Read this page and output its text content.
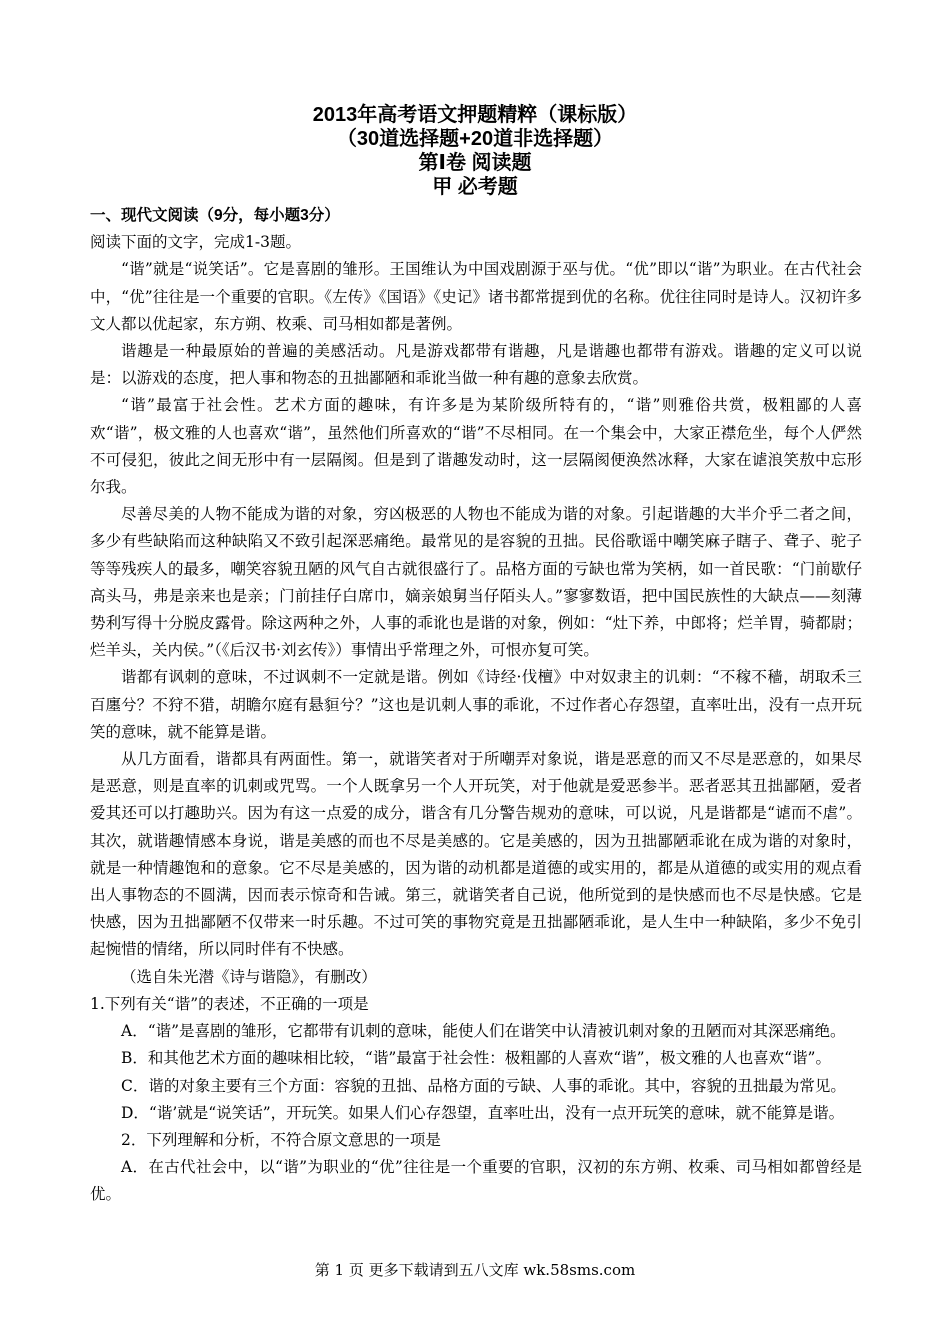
2013年高考语文押题精粹（课标版）
（30道选择题+20道非选择题）
第Ⅰ卷 阅读题
甲 必考题

一、现代文阅读（9分，每小题3分）

阅读下面的文字，完成1-3题。

“谐”就是“说笑话”。它是喜剧的雏形。王国维认为中国戏剧源于巫与优。“优”即以“谐”为职业。在古代社会中，“优”往往是一个重要的官职。《左传》《国语》《史记》诸书都常提到优的名称。优往往同时是诗人。汉初许多文人都以优起家，东方朔、枚乘、司马相如都是著例。

谐趣是一种最原始的普遍的美感活动。凡是游戏都带有谐趣，凡是谐趣也都带有游戏。谐趣的定义可以说是：以游戏的态度，把人事和物态的丑拙鄙陋和乖讹当做一种有趣的意象去欣赏。

“谐”最富于社会性。艺术方面的趣味，有许多是为某阶级所特有的，“谐”则雅俗共赏，极粗鄙的人喜欢“谐”，极文雅的人也喜欢“谐”，虽然他们所喜欢的“谐”不尽相同。在一个集会中，大家正襟危坐，每个人俨然不可侵犯，彼此之间无形中有一层隔阂。但是到了谐趣发动时，这一层隔阂便涣然冰释，大家在谑浪笑敖中忘形尔我。

尽善尽美的人物不能成为谐的对象，穷凶极恶的人物也不能成为谐的对象。引起谐趣的大半介乎二者之间，多少有些缺陷而这种缺陷又不致引起深恶痛绝。最常见的是容貌的丑拙。民俗歌谣中嘲笑麻子瞎子、聋子、驼子等等残疾人的最多，嘲笑容貌丑陋的风气自古就很盛行了。品格方面的亏缺也常为笑柄，如一首民歌：“门前歇仔高头马，弗是亲来也是亲；门前挂仔白席巾，嫡亲娘舅当仔陌头人。”寥寥数语，把中国民族性的大缺点——刻薄势利写得十分脱皮露骨。除这两种之外，人事的乖讹也是谐的对象，例如：“灶下养，中郎将；烂羊胃，骑都尉；烂羊头，关内侯。”（《后汉书·刘玄传》）事情出乎常理之外，可恨亦复可笑。

谐都有讽刺的意味，不过讽刺不一定就是谐。例如《诗经·伐檀》中对奴隶主的讥刺：“不稼不穑，胡取禾三百廛兮？不狩不猎，胡瞻尔庭有悬貆兮？”这也是讥刺人事的乖讹，不过作者心存怨望，直率吐出，没有一点开玩笑的意味，就不能算是谐。

从几方面看，谐都具有两面性。第一，就谐笑者对于所嘲弄对象说，谐是恶意的而又不尽是恶意的，如果尽是恶意，则是直率的讥刺或咒骂。一个人既拿另一个人开玩笑，对于他就是爱恶参半。恶者恶其丑拙鄙陋，爱者爱其还可以打趣助兴。因为有这一点爱的成分，谐含有几分警告规劝的意味，可以说，凡是谐都是“谑而不虐”。其次，就谐趣情感本身说，谐是美感的而也不尽是美感的。它是美感的，因为丑拙鄙陋乖讹在成为谐的对象时，就是一种情趣饱和的意象。它不尽是美感的，因为谐的动机都是道德的或实用的，都是从道德的或实用的观点看出人事物态的不圆满，因而表示惊奇和告诫。第三，就谐笑者自己说，他所觉到的是快感而也不尽是快感。它是快感，因为丑拙鄙陋不仅带来一时乐趣。不过可笑的事物究竟是丑拙鄙陋乖讹，是人生中一种缺陷，多少不免引起惋惜的情绪，所以同时伴有不快感。

（选自朱光潜《诗与谐隐》，有删改）

1.下列有关“谐”的表述，不正确的一项是

A．“谐”是喜剧的雏形，它都带有讥刺的意味，能使人们在谐笑中认清被讥刺对象的丑陋而对其深恶痛绝。

B．和其他艺术方面的趣味相比较，“谐”最富于社会性：极粗鄙的人喜欢“谐”，极文雅的人也喜欢“谐”。

C．谐的对象主要有三个方面：容貌的丑拙、品格方面的亏缺、人事的乖讹。其中，容貌的丑拙最为常见。

D．“谐’就是“说笑话”，开玩笑。如果人们心存怨望，直率吐出，没有一点开玩笑的意味，就不能算是谐。

2．下列理解和分析，不符合原文意思的一项是

A．在古代社会中，以“谐”为职业的“优”往往是一个重要的官职，汉初的东方朔、枚乘、司马相如都曾经是优。

第 1 页 更多下载请到五八文库 wk.58sms.com
